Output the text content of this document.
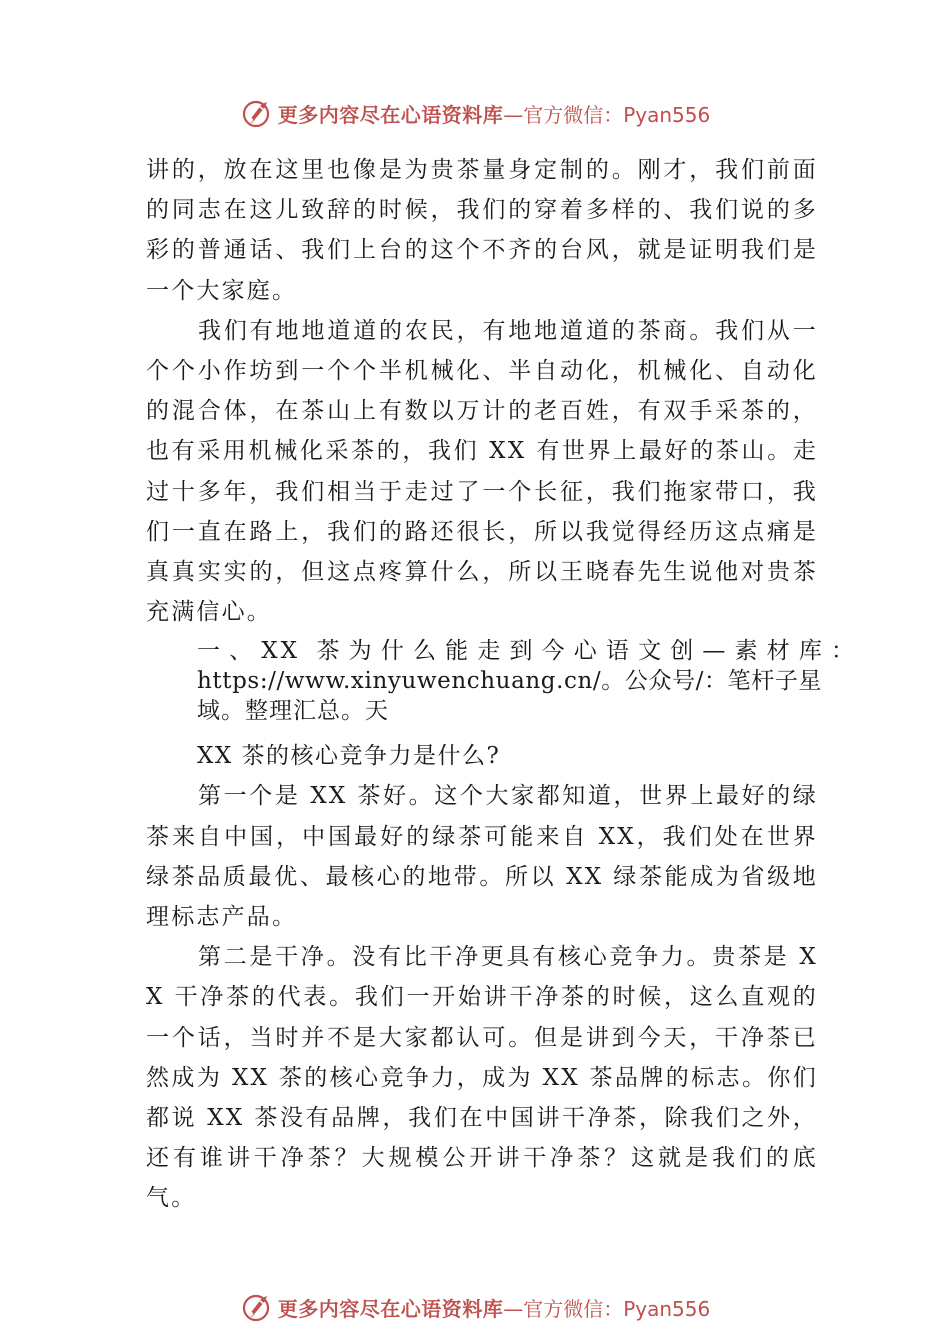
更多内容尽在心语资料库 —官方微信：Pyan556

讲的，放在这里也像是为贵茶量身定制的。刚才，我们前面的同志在这儿致辞的时候，我们的穿着多样的、我们说的多彩的普通话、我们上台的这个不齐的台风，就是证明我们是一个大家庭。

我们有地地道道的农民，有地地道道的茶商。我们从一个个小作坊到一个个半机械化、半自动化，机械化、自动化的混合体，在茶山上有数以万计的老百姓，有双手采茶的， 也有采用机械化采茶的，我们 XX 有世界上最好的茶山。走过十多年，我们相当于走过了一个长征，我们拖家带口，我们一直在路上，我们的路还很长，所以我觉得经历这点痛是真真实实的，但这点疼算什么，所以王晓春先生说他对贵茶充满信心。

一、XX 茶为什么能走到今心语文创—素材库：
https://www.xinyuwenchuang.cn/。公众号/：笔杆子星
域。整理汇总。天
XX 茶的核心竞争力是什么?

第一个是 XX 茶好。这个大家都知道，世界上最好的绿茶来自中国，中国最好的绿茶可能来自 XX，我们处在世界绿茶品质最优、最核心的地带。所以 XX 绿茶能成为省级地理标志产品。

第二是干净。没有比干净更具有核心竞争力。贵茶是 XX 干净茶的代表。我们一开始讲干净茶的时候，这么直观的一个话，当时并不是大家都认可。但是讲到今天，干净茶已然成为 XX 茶的核心竞争力，成为 XX 茶品牌的标志。你们都说 XX 茶没有品牌，我们在中国讲干净茶，除我们之外，还有谁讲干净茶？大规模公开讲干净茶？这就是我们的底气。

更多内容尽在心语资料库 —官方微信：Pyan556
